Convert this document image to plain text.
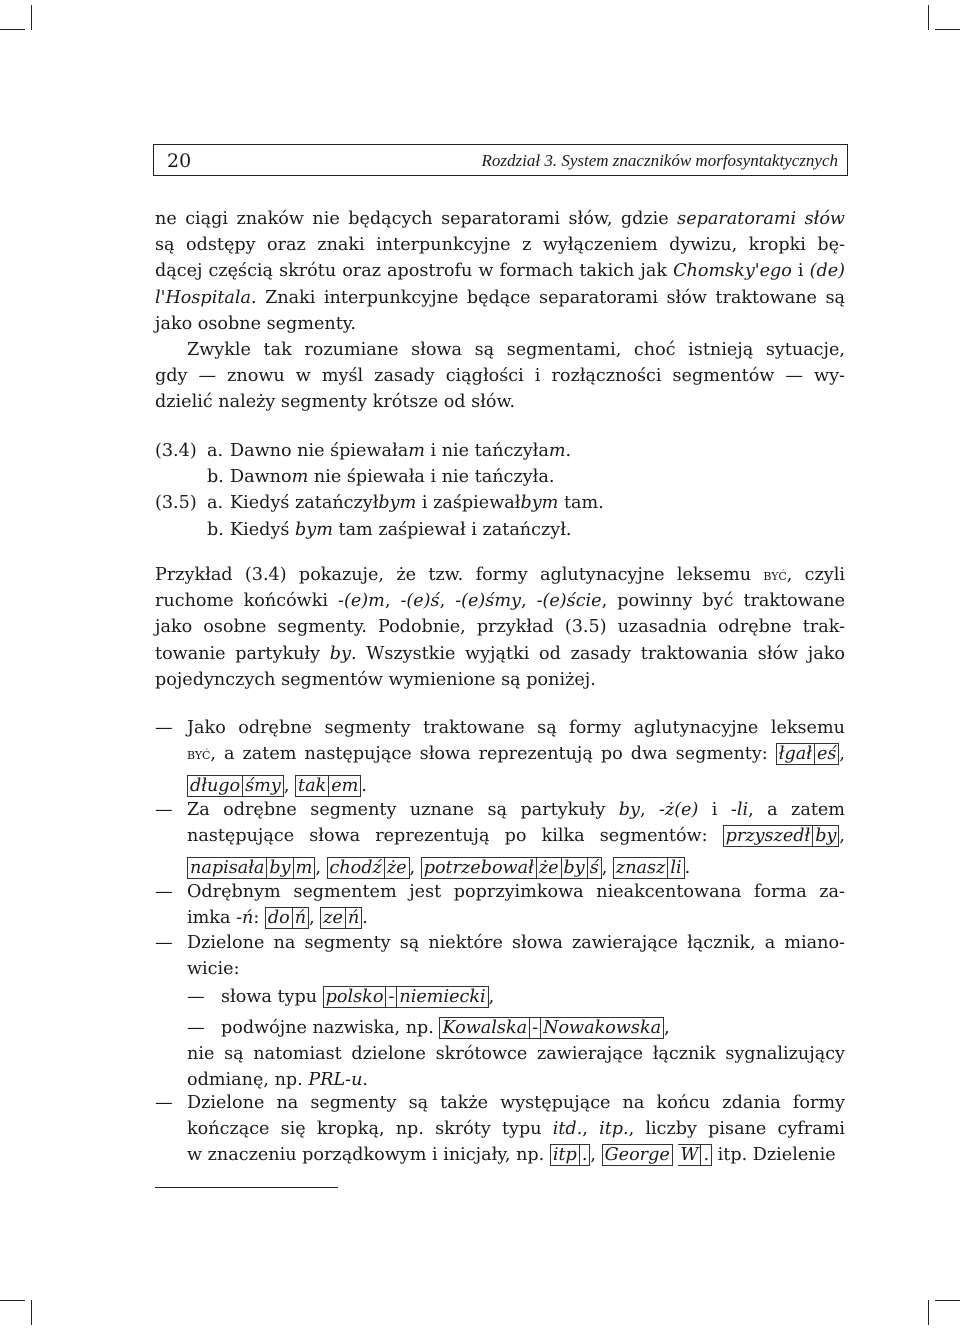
20	Rozdział 3. System znaczników morfosyntaktycznych
ne ciągi znaków nie będących separatorami słów, gdzie separatorami słów
są odstępy oraz znaki interpunkcyjne z wyłączeniem dywizu, kropki bę-
dącej częścią skrótu oraz apostrofu w formach takich jak Chomsky'ego i (de)
l'Hospitala. Znaki interpunkcyjne będące separatorami słów traktowane są
jako osobne segmenty.
Zwykle tak rozumiane słowa są segmentami, choć istnieją sytuacje,
gdy — znowu w myśl zasady ciągłości i rozłączności segmentów — wy-
dzielić należy segmenty krótsze od słów.
(3.4) a. Dawno nie śpiewałam i nie tańczyłam.
b. Dawnom nie śpiewała i nie tańczyła.
(3.5) a. Kiedyś zatańczyłbym i zaśpiewałbym tam.
b. Kiedyś bym tam zaśpiewał i zatańczył.
Przykład (3.4) pokazuje, że tzw. formy aglutynacyjne leksemu być, czyli
ruchome końcówki -(e)m, -(e)ś, -(e)śmy, -(e)ście, powinny być traktowane
jako osobne segmenty. Podobnie, przykład (3.5) uzasadnia odrębne trak-
towanie partykuły by. Wszystkie wyjątki od zasady traktowania słów jako
pojedynczych segmentów wymienione są poniżej.
— Jako odrębne segmenty traktowane są formy aglutynacyjne leksemu
być, a zatem następujące słowa reprezentują po dwa segmenty: łgał eś ,
długo śmy , tak em .
— Za odrębne segmenty uznane są partykuły by, -ż(e) i -li, a zatem
następujące słowa reprezentują po kilka segmentów: przyszedł by ,
napisała by m , chodź że , potrzebował że by ś , znasz li .
— Odrębnym segmentem jest poprzyimkowa nieakcentowana forma za-
imka -ń: do ń , ze ń .
— Dzielone na segmenty są niektóre słowa zawierające łącznik, a miano-
wicie:
— słowa typu polsko - niemiecki ,
— podwójne nazwiska, np. Kowalska - Nowakowska ,
nie są natomiast dzielone skrótowce zawierające łącznik sygnalizujący
odmianę, np. PRL-u.
— Dzielone na segmenty są także występujące na końcu zdania formy
kończące się kropką, np. skróty typu itd., itp., liczby pisane cyframi
w znaczeniu porządkowym i inicjały, np. itp . , George W . itp. Dzielenie
